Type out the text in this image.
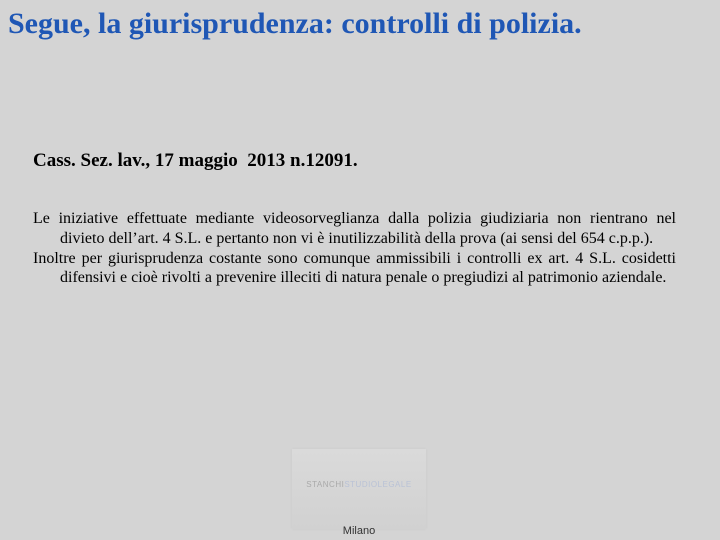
Segue, la giurisprudenza: controlli di polizia.

Cass. Sez. lav., 17 maggio  2013 n.12091.

Le iniziative effettuate mediante videosorveglianza dalla polizia giudiziaria non rientrano nel divieto dell’art. 4 S.L. e pertanto non vi è inutilizzabilità della prova (ai sensi del 654 c.p.p.).
Inoltre per giurisprudenza costante sono comunque ammissibili i controlli ex art. 4 S.L. cosidetti difensivi e cioè rivolti a prevenire illeciti di natura penale o pregiudizi al patrimonio aziendale.
STANCHISTUDIOLEGALE
Milano
